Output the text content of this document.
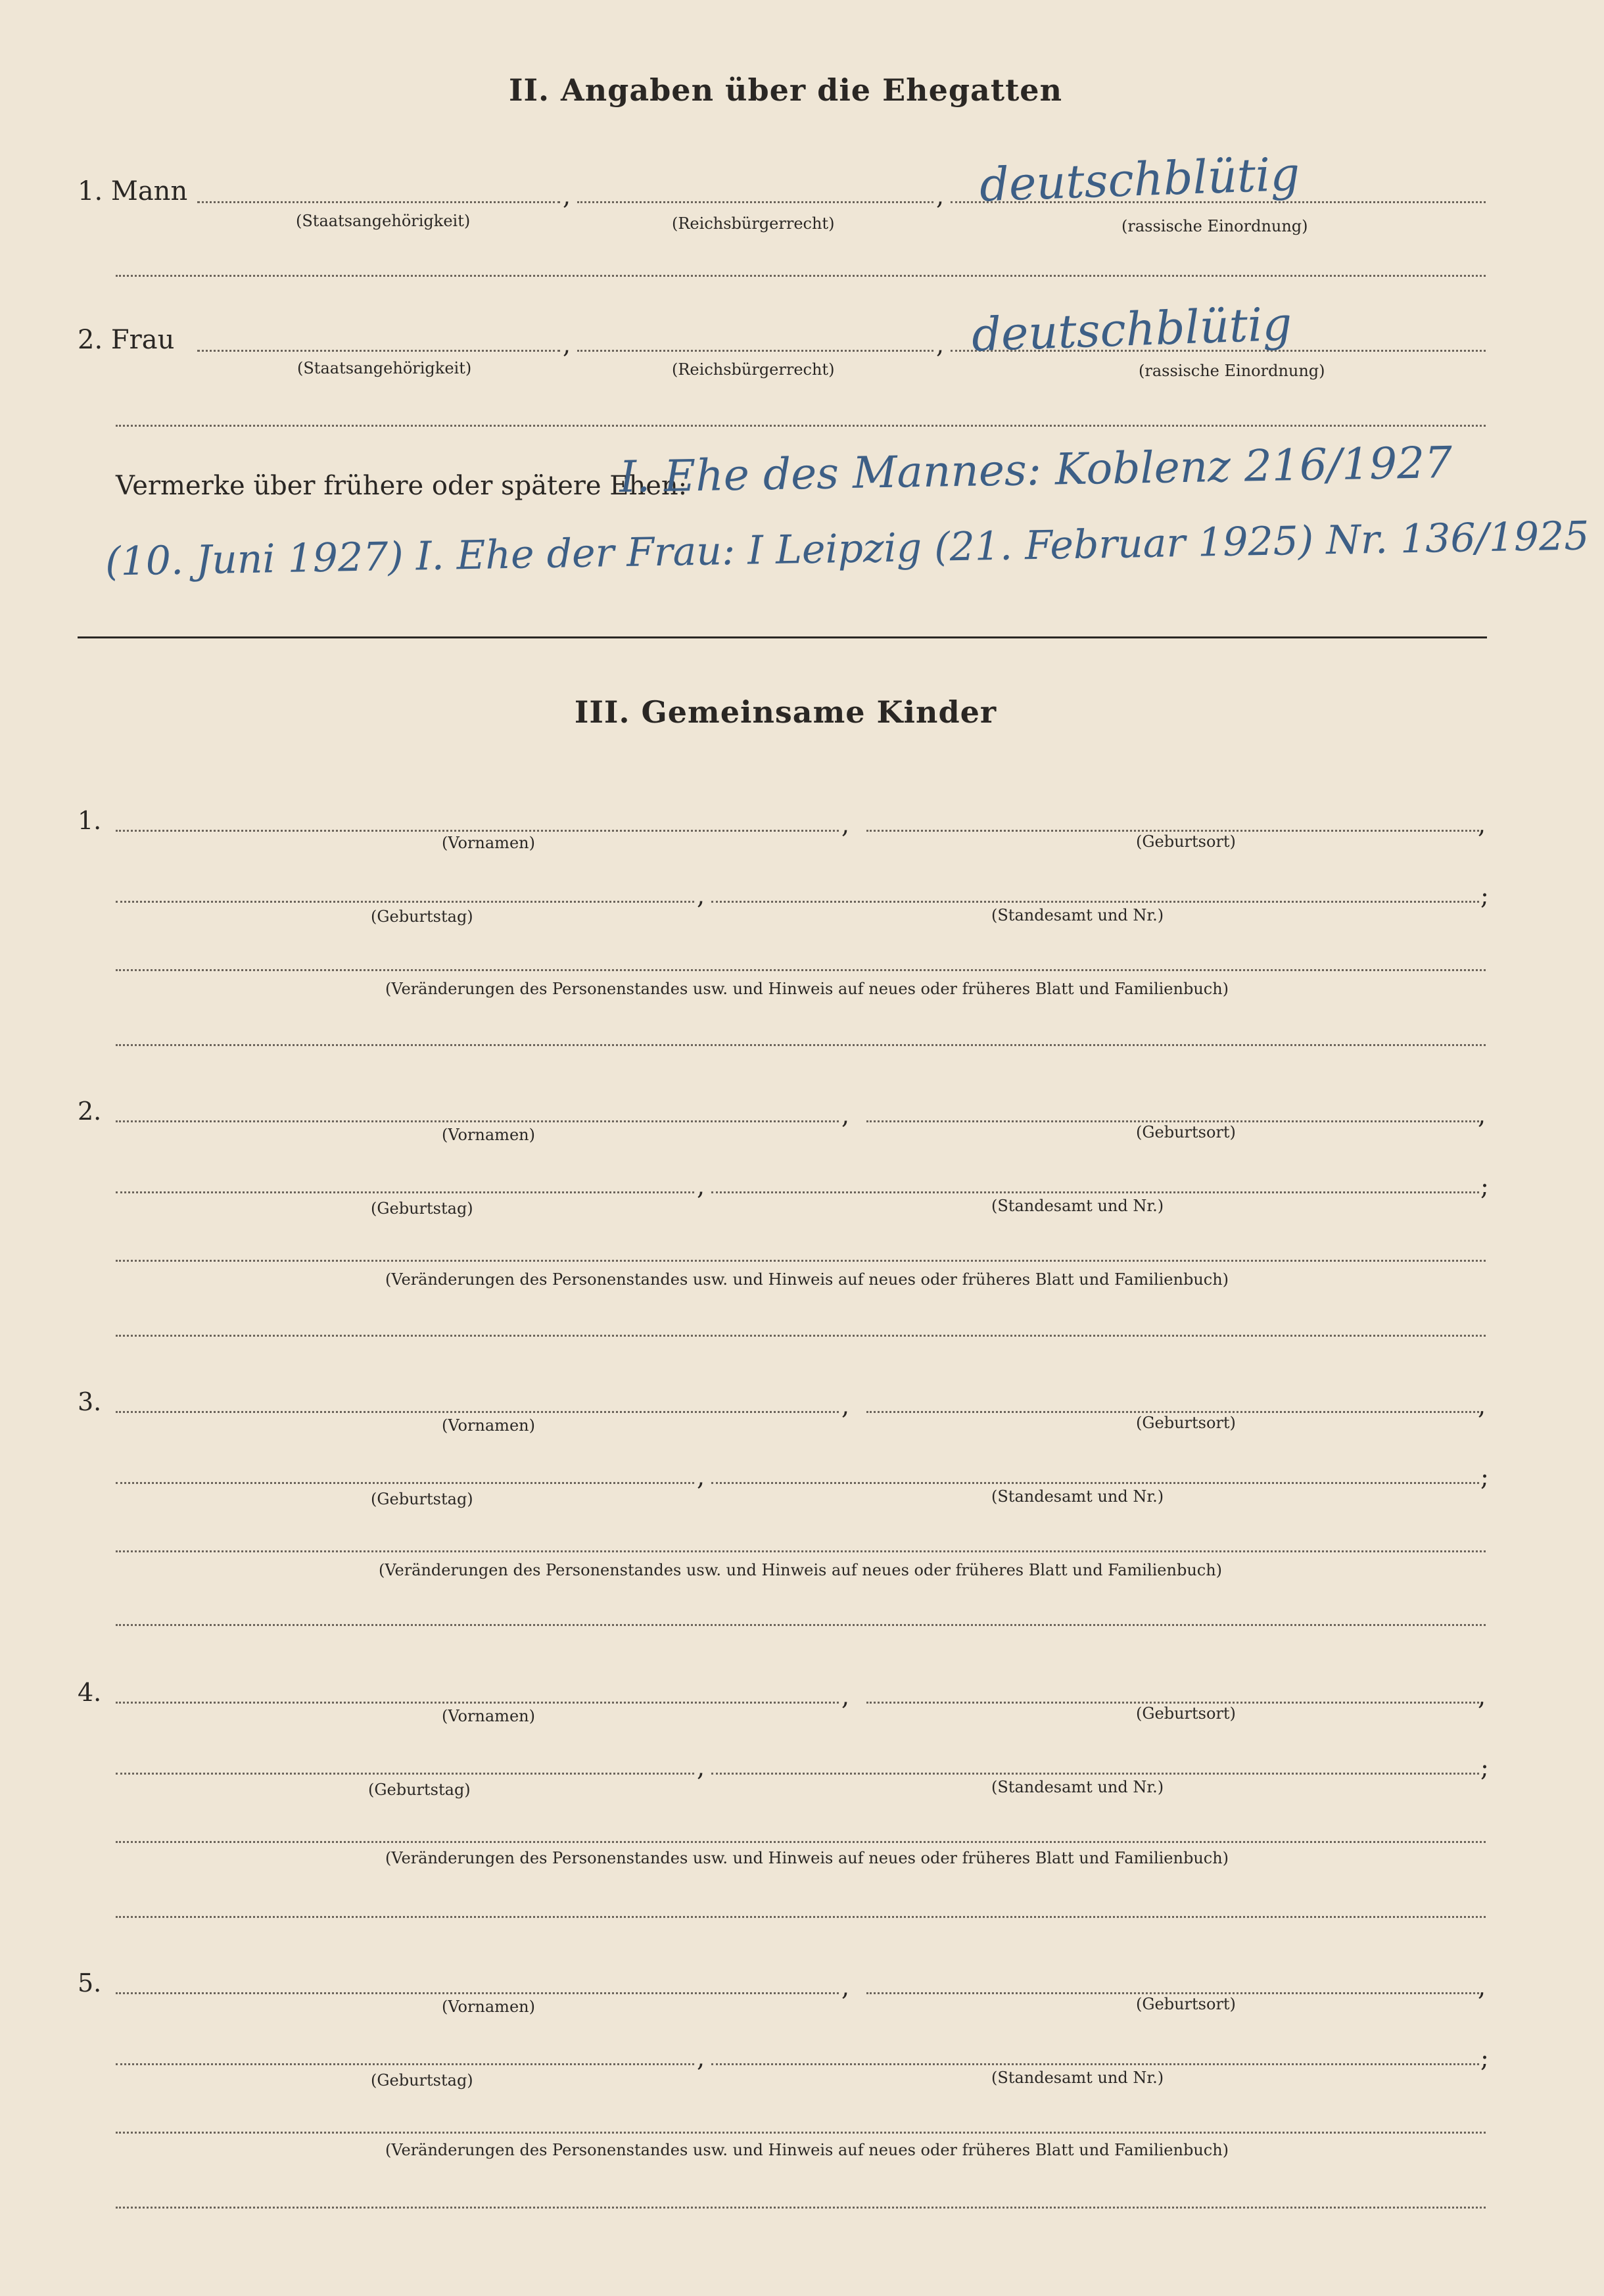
II. Angaben über die Ehegatten
1. Mann	,	, deutschblütig
(Staatsangehörigkeit)	(Reichsbürgerrecht)	(rassische Einordnung)
2. Frau	,	, deutschblütig
(Staatsangehörigkeit)	(Reichsbürgerrecht)	(rassische Einordnung)
Vermerke über frühere oder spätere Ehen:
I. Ehe des Mannes: Koblenz 216/1927
(10. Juni 1927) I. Ehe der Frau: I Leipzig (21. Februar 1925) Nr. 136/1925
III. Gemeinsame Kinder
1.	,	,
(Vornamen)	(Geburtsort)
,	;
(Geburtstag)	(Standesamt und Nr.)
(Veränderungen des Personenstandes usw. und Hinweis auf neues oder früheres Blatt und Familienbuch)
2.	,	,
(Vornamen)	(Geburtsort)
,	;
(Geburtstag)	(Standesamt und Nr.)
(Veränderungen des Personenstandes usw. und Hinweis auf neues oder früheres Blatt und Familienbuch)
3.	,	,
(Vornamen)	(Geburtsort)
,	;
(Geburtstag)	(Standesamt und Nr.)
(Veränderungen des Personenstandes usw. und Hinweis auf neues oder früheres Blatt und Familienbuch)
4.	,	,
(Vornamen)	(Geburtsort)
,	;
(Geburtstag)	(Standesamt und Nr.)
(Veränderungen des Personenstandes usw. und Hinweis auf neues oder früheres Blatt und Familienbuch)
5.	,	,
(Vornamen)	(Geburtsort)
,	;
(Geburtstag)	(Standesamt und Nr.)
(Veränderungen des Personenstandes usw. und Hinweis auf neues oder früheres Blatt und Familienbuch)
